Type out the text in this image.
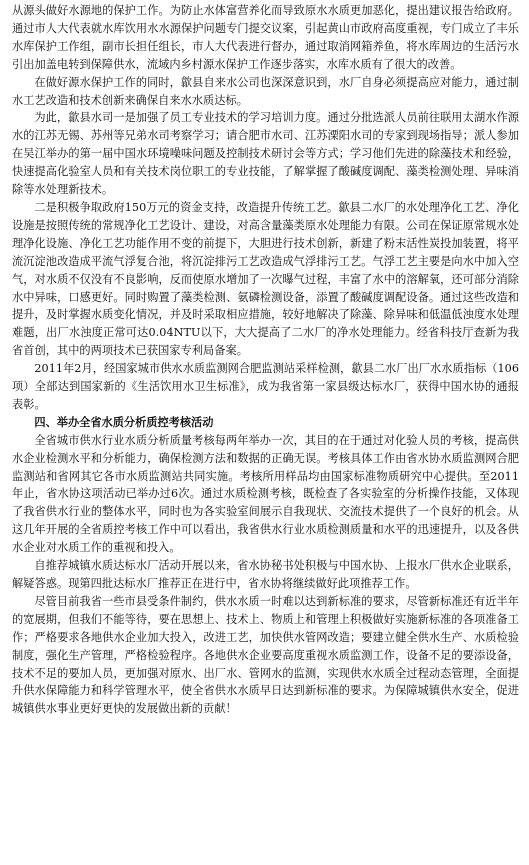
从源头做好水源地的保护工作。为防止水体富营养化而导致原水水质更加恶化，提出建议报告给政府。通过市人大代表就水库饮用水水源保护问题专门提交议案，引起黄山市政府高度重视，专门成立了丰乐水库保护工作组，副市长担任组长，市人大代表进行督办，通过取消网箱养鱼，将水库周边的生活污水引出加盖电转到保障供水，流域内乡村源水保护工作逐步落实，水库水质有了很大的改善。

在做好源水保护工作的同时，歙县自来水公司也深深意识到，水厂自身必须提高应对能力，通过制水工艺改造和技术创新来确保自来水水质达标。

为此，歙县水司一是加强了员工专业技术的学习培训力度。通过分批选派人员前往联用太湖水作源水的江苏无锡、苏州等兄弟水司考察学习；请合肥市水司、江苏溧阳水司的专家到现场指导；派人参加在吴江举办的第一届中国水环境噪味问题及控制技术研讨会等方式；学习他们先进的除藻技术和经验，快速提高化验室人员和有关技术岗位职工的专业技能，了解掌握了酸碱度调配、藻类检测处理、异味消除等水处理新技术。

二是积极争取政府150万元的资金支持，改造提升传统工艺。歙县二水厂的水处理净化工艺、净化设施是按照传统的常规净化工艺设计、建设，对高含量藻类原水处理能力有限。公司在保证原常规水处理净化设施、净化工艺功能作用不变的前提下，大胆进行技术创新，新建了粉末活性炭投加装置，将平流沉淀池改造成平流气浮复合池，将沉淀排污工艺改造成气浮排污工艺。气浮工艺主要是向水中加入空气，对水质不仅没有不良影响，反而使原水增加了一次曝气过程，丰富了水中的溶解氧，还可部分消除水中异味，口感更好。同时购置了藻类检测、氨磷检测设备，添置了酸碱度调配设备。通过这些改造和提升，及时掌握水质变化情况，并及时采取相应措施，较好地解决了除藻、除异味和低温低浊度水处理难题，出厂水浊度正常可达0.04NTU以下，大大提高了二水厂的净水处理能力。经省科技厅查新为我省首创，其中的两项技术已获国家专利局备案。

2011年2月，经国家城市供水水质监测网合肥监测站采样检测，歙县二水厂出厂水水质指标（106项）全部达到国家新的《生活饮用水卫生标准》，成为我省第一家县级达标水厂，获得中国水协的通报表彰。

四、举办全省水质分析质控考核活动

全省城市供水行业水质分析质量考核每两年举办一次，其目的在于通过对化验人员的考核，提高供水企业检测水平和分析能力，确保检测方法和数据的正确无误。考核具体工作由省水协水质监测网合肥监测站和省网其它各市水质监测站共同实施。考核所用样品均由国家标准物质研究中心提供。至2011年止，省水协这项活动已举办过6次。通过水质检测考核，既检查了各实验室的分析操作技能，又体现了我省供水行业的整体水平，同时也为各实验室间展示自我现状、交流技术提供了一个良好的机会。从这几年开展的全省质控考核工作中可以看出，我省供水行业水质检测质量和水平的迅速提升，以及各供水企业对水质工作的重视和投入。

自推荐城镇水质达标水厂活动开展以来，省水协秘书处积极与中国水协、上报水厂供水企业联系，解疑答惑。现第四批达标水厂推荐正在进行中，省水协将继续做好此项推荐工作。

尽管目前我省一些市县受条件制约，供水水质一时难以达到新标准的要求，尽管新标准还有近半年的宽展期，但我们不能等待，要在思想上、技术上、物质上和管理上积极做好实施新标准的各项准备工作；严格要求各地供水企业加大投入，改进工艺，加快供水管网改造；要建立健全供水生产、水质检验制度，强化生产管理，严格检验程序。各地供水企业要高度重视水质监测工作，设备不足的要添设备，技术不足的要加人员，更加强对原水、出厂水、管网水的监测，实现供水水质全过程动态管理，全面提升供水保障能力和科学管理水平，使全省供水水质早日达到新标准的要求。为保障城镇供水安全，促进城镇供水事业更好更快的发展做出新的贡献！
